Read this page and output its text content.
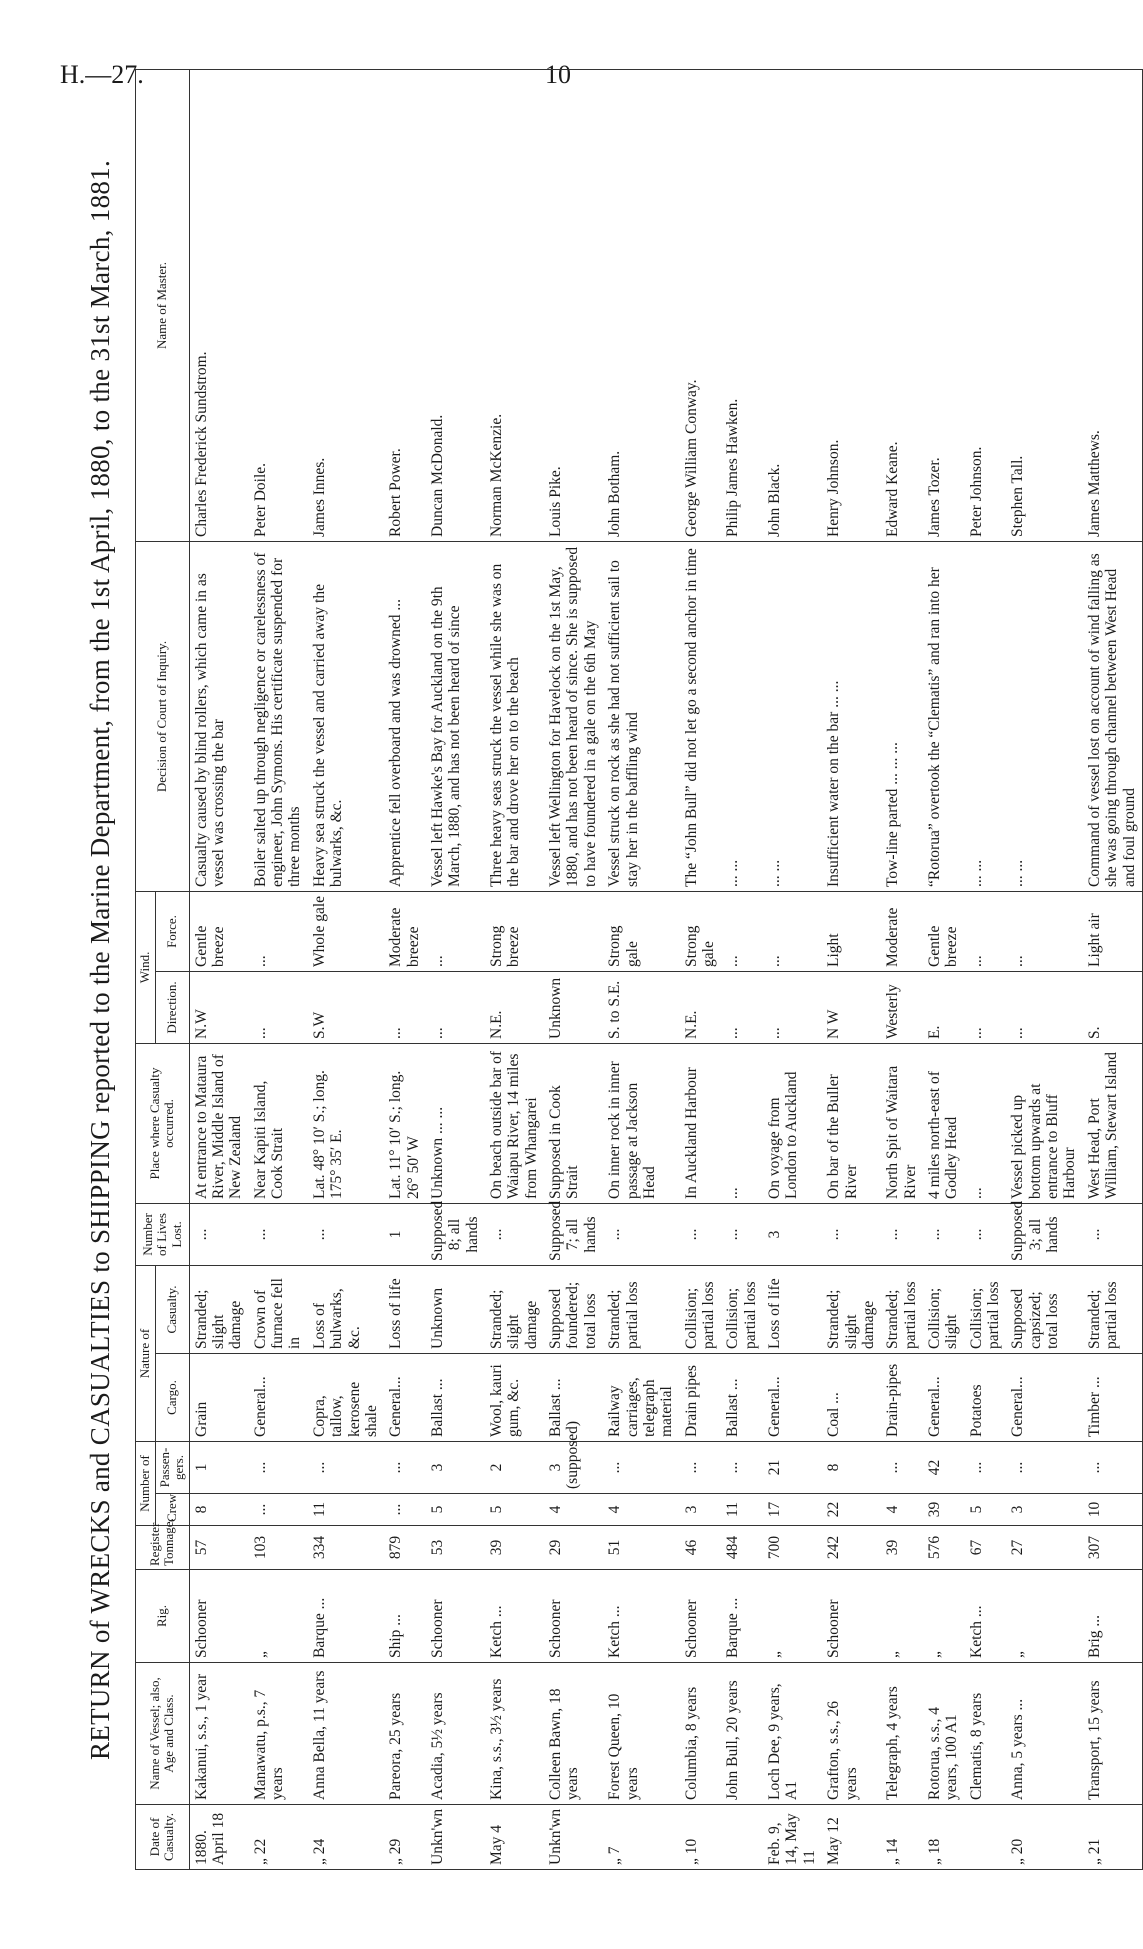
H.—27.	10
RETURN of WRECKS and CASUALTIES to SHIPPING reported to the Marine Department, from the 1st April, 1880, to the 31st March, 1881.
Date of Casualty.	Name of Vessel; also, Age and Class.	Rig.	Register Tonnage.	Number of		Nature of		Number of Lives Lost.	Place where Casualty occurred.	Wind.		Decision of Court of Inquiry.	Name of Master.
				Crew	Passen-gers.	Cargo.	Casualty.			Direction.	Force.		
1880. April 18	Kakanui, s.s., 1 year	Schooner	57	8	1	Grain	Stranded; slight damage	...	At entrance to Mataura River, Middle Island of New Zealand	N.W	Gentle breeze	Casualty caused by blind rollers, which came in as vessel was crossing the bar	Charles Frederick Sundstrom.
„ 22	Manawatu, p.s., 7 years	„	103	...	...	General...	Crown of furnace fell in	...	Near Kapiti Island, Cook Strait	...	...	Boiler salted up through negligence or carelessness of engineer, John Symons. His certificate suspended for three months	Peter Doile.
„ 24	Anna Bella, 11 years	Barque ...	334	11	...	Copra, tallow, kerosene shale	Loss of bulwarks, &c.	...	Lat. 48° 10′ S.; long. 175° 35′ E.	S.W	Whole gale	Heavy sea struck the vessel and carried away the bulwarks, &c.	James Innes.
„ 29	Pareora, 25 years	Ship ...	879	...	...	General...	Loss of life	1	Lat. 11° 10′ S.; long. 26° 50′ W	...	Moderate breeze	Apprentice fell overboard and was drowned ...	Robert Power.
Unkn'wn	Acadia, 5½ years	Schooner	53	5	3	Ballast ...	Unknown	Supposed 8; all hands	Unknown ... ...	...	...	Vessel left Hawke's Bay for Auckland on the 9th March, 1880, and has not been heard of since	Duncan McDonald.
May 4	Kina, s.s., 3½ years	Ketch ...	39	5	2	Wool, kauri gum, &c.	Stranded; slight damage	...	On beach outside bar of Waiapu River, 14 miles from Whangarei	N.E.	Strong breeze	Three heavy seas struck the vessel while she was on the bar and drove her on to the beach	Norman McKenzie.
Unkn'wn	Colleen Bawn, 18 years	Schooner	29	4	3 (supposed)	Ballast ...	Supposed foundered; total loss	Supposed 7; all hands	Supposed in Cook Strait	Unknown		Vessel left Wellington for Havelock on the 1st May, 1880, and has not been heard of since. She is supposed to have foundered in a gale on the 6th May	Louis Pike.
„ 7	Forest Queen, 10 years	Ketch ...	51	4	...	Railway carriages, telegraph material	Stranded; partial loss	...	On inner rock in inner passage at Jackson Head	S. to S.E.	Strong gale	Vessel struck on rock as she had not sufficient sail to stay her in the baffling wind	John Botham.
„ 10	Columbia, 8 years	Schooner	46	3	...	Drain pipes	Collision; partial loss	...	In Auckland Harbour	N.E.	Strong gale	The “John Bull” did not let go a second anchor in time	George William Conway.
	John Bull, 20 years	Barque ...	484	11	...	Ballast ...	Collision; partial loss	...	...	...	...	... ...	Philip James Hawken.
Feb. 9, 14, May 11	Loch Dee, 9 years, A1	„	700	17	21	General...	Loss of life	3	On voyage from London to Auckland	...	...	... ...	John Black.
May 12	Grafton, s.s., 26 years	Schooner	242	22	8	Coal ...	Stranded; slight damage	...	On bar of the Buller River	N W	Light	Insufficient water on the bar ... ...	Henry Johnson.
„ 14	Telegraph, 4 years	„	39	4	...	Drain-pipes	Stranded; partial loss	...	North Spit of Waitara River	Westerly	Moderate	Tow-line parted ... ... ...	Edward Keane.
„ 18	Rotorua, s.s., 4 years, 100 A1	„	576	39	42	General...	Collision; slight	...	4 miles north-east of Godley Head	E.	Gentle breeze	“Rotorua” overtook the “Clematis” and ran into her	James Tozer.
	Clematis, 8 years	Ketch ...	67	5	...	Potatoes	Collision; partial loss	...	...	...	...	... ...	Peter Johnson.
„ 20	Anna, 5 years ...	„	27	3	...	General...	Supposed capsized; total loss	Supposed 3; all hands	Vessel picked up bottom upwards at entrance to Bluff Harbour	...	...	... ...	Stephen Tall.
„ 21	Transport, 15 years	Brig ...	307	10	...	Timber ...	Stranded; partial loss	...	West Head, Port William, Stewart Island	S.	Light air	Command of vessel lost on account of wind falling as she was going through channel between West Head and foul ground	James Matthews.
